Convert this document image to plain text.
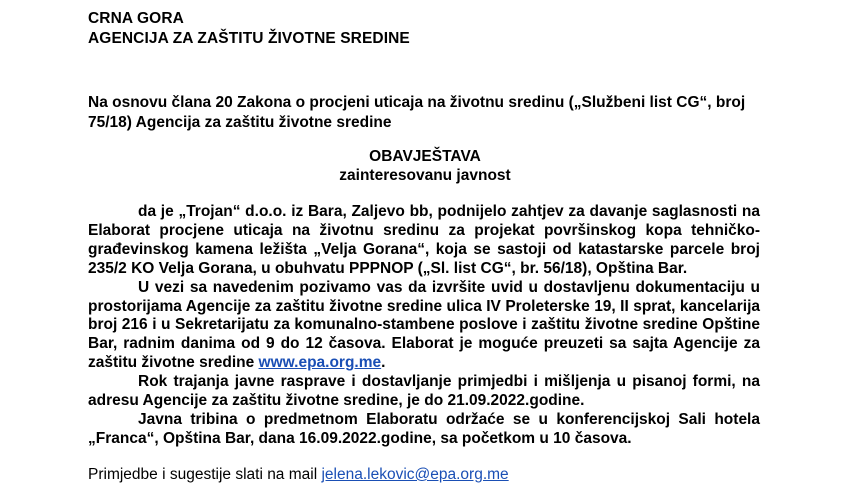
CRNA GORA
AGENCIJA ZA ZAŠTITU ŽIVOTNE SREDINE
Na osnovu člana 20 Zakona o procjeni uticaja na životnu sredinu („Službeni list CG“, broj 75/18) Agencija za zaštitu životne sredine
OBAVJEŠTAVA
zainteresovanu javnost

da je „Trojan“ d.o.o. iz Bara, Zaljevo bb, podnijelo zahtjev za davanje saglasnosti na Elaborat procjene uticaja na životnu sredinu za projekat površinskog kopa tehničko-građevinskog kamena ležišta „Velja Gorana“, koja se sastoji od katastarske parcele broj 235/2 KO Velja Gorana, u obuhvatu PPPNOP („Sl. list CG“, br. 56/18), Opština Bar.

U vezi sa navedenim pozivamo vas da izvršite uvid u dostavljenu dokumentaciju u prostorijama Agencije za zaštitu životne sredine ulica IV Proleterske 19, II sprat, kancelarija broj 216 i u Sekretarijatu za komunalno-stambene poslove i zaštitu životne sredine Opštine Bar, radnim danima od 9 do 12 časova. Elaborat je moguće preuzeti sa sajta Agencije za zaštitu životne sredine www.epa.org.me.

Rok trajanja javne rasprave i dostavljanje primjedbi i mišljenja u pisanoj formi, na adresu Agencije za zaštitu životne sredine, je do 21.09.2022.godine.

Javna tribina o predmetnom Elaboratu održaće se u konferencijskoj Sali hotela „Franca“, Opština Bar, dana 16.09.2022.godine, sa početkom u 10 časova.

Primjedbe i sugestije slati na mail jelena.lekovic@epa.org.me
